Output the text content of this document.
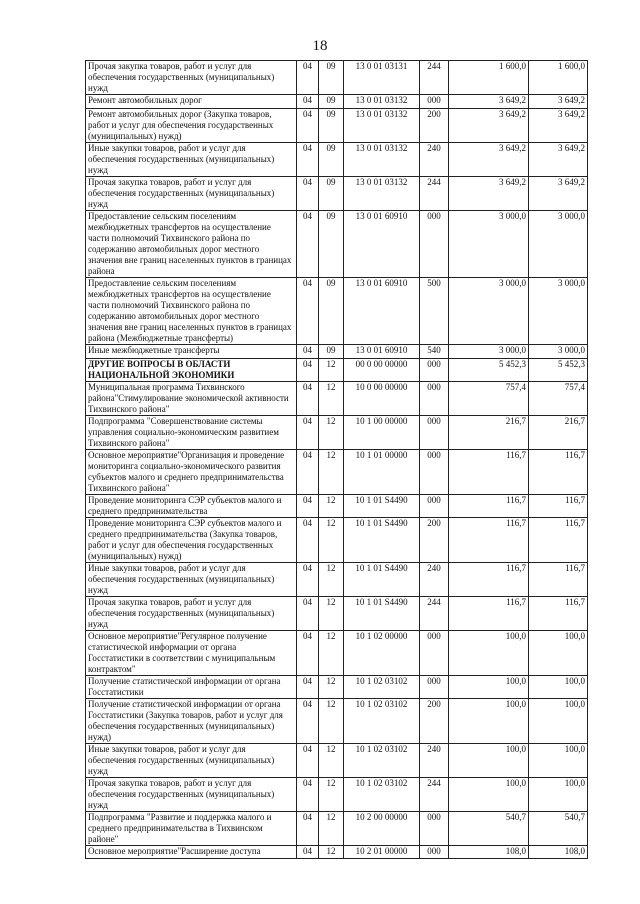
18
Прочая закупка товаров, работ и услуг для обеспечения государственных (муниципальных) нужд	04	09	13 0 01 03131	244	1 600,0	1 600,0
Ремонт автомобильных дорог	04	09	13 0 01 03132	000	3 649,2	3 649,2
Ремонт автомобильных дорог (Закупка товаров, работ и услуг для обеспечения государственных (муниципальных) нужд)	04	09	13 0 01 03132	200	3 649,2	3 649,2
Иные закупки товаров, работ и услуг для обеспечения государственных (муниципальных) нужд	04	09	13 0 01 03132	240	3 649,2	3 649,2
Прочая закупка товаров, работ и услуг для обеспечения государственных (муниципальных) нужд	04	09	13 0 01 03132	244	3 649,2	3 649,2
Предоставление сельским поселениям межбюджетных трансфертов на осуществление части полномочий Тихвинского района по содержанию автомобильных дорог местного значения вне границ населенных пунктов в границах района	04	09	13 0 01 60910	000	3 000,0	3 000,0
Предоставление сельским поселениям межбюджетных трансфертов на осуществление части полномочий Тихвинского района по содержанию автомобильных дорог местного значения вне границ населенных пунктов в границах района (Межбюджетные трансферты)	04	09	13 0 01 60910	500	3 000,0	3 000,0
Иные межбюджетные трансферты	04	09	13 0 01 60910	540	3 000,0	3 000,0
ДРУГИЕ ВОПРОСЫ В ОБЛАСТИ НАЦИОНАЛЬНОЙ ЭКОНОМИКИ	04	12	00 0 00 00000	000	5 452,3	5 452,3
Муниципальная программа Тихвинского района"Стимулирование экономической активности Тихвинского района"	04	12	10 0 00 00000	000	757,4	757,4
Подпрограмма "Совершенствование системы управления социально-экономическим развитием Тихвинского района"	04	12	10 1 00 00000	000	216,7	216,7
Основное мероприятие"Организация и проведение мониторинга социально-экономического развития субъектов малого и среднего предпринимательства Тихвинского района"	04	12	10 1 01 00000	000	116,7	116,7
Проведение мониторинга СЭР субъектов малого и среднего предпринимательства	04	12	10 1 01 S4490	000	116,7	116,7
Проведение мониторинга СЭР субъектов малого и среднего предпринимательства (Закупка товаров, работ и услуг для обеспечения государственных (муниципальных) нужд)	04	12	10 1 01 S4490	200	116,7	116,7
Иные закупки товаров, работ и услуг для обеспечения государственных (муниципальных) нужд	04	12	10 1 01 S4490	240	116,7	116,7
Прочая закупка товаров, работ и услуг для обеспечения государственных (муниципальных) нужд	04	12	10 1 01 S4490	244	116,7	116,7
Основное мероприятие"Регулярное получение статистической информации от органа Госстатистики в соответствии с муниципальным контрактом"	04	12	10 1 02 00000	000	100,0	100,0
Получение статистической информации от органа Госстатистики	04	12	10 1 02 03102	000	100,0	100,0
Получение статистической информации от органа Госстатистики (Закупка товаров, работ и услуг для обеспечения государственных (муниципальных) нужд)	04	12	10 1 02 03102	200	100,0	100,0
Иные закупки товаров, работ и услуг для обеспечения государственных (муниципальных) нужд	04	12	10 1 02 03102	240	100,0	100,0
Прочая закупка товаров, работ и услуг для обеспечения государственных (муниципальных) нужд	04	12	10 1 02 03102	244	100,0	100,0
Подпрограмма "Развитие и поддержка малого и среднего предпринимательства в Тихвинском районе"	04	12	10 2 00 00000	000	540,7	540,7
Основное мероприятие"Расширение доступа	04	12	10 2 01 00000	000	108,0	108,0
